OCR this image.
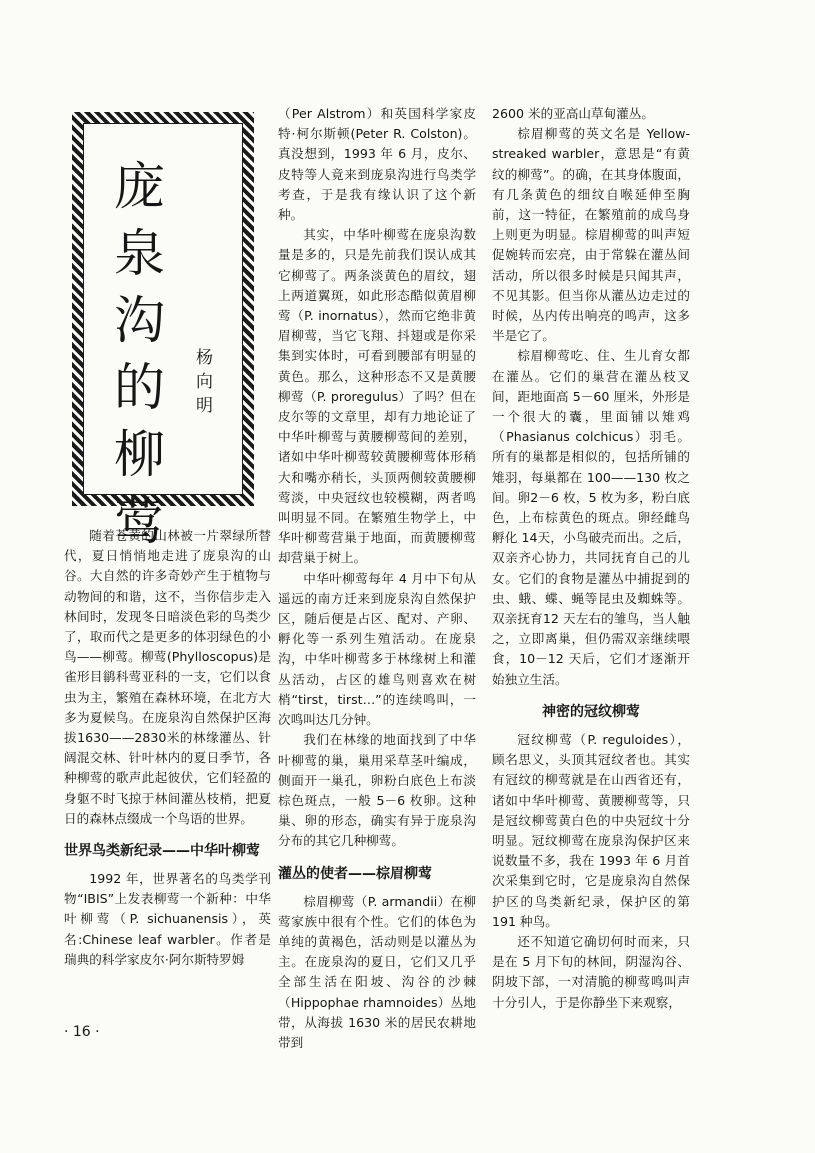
庞泉沟的柳莺
杨向明

随着苍黄的山林被一片翠绿所替代，夏日悄悄地走进了庞泉沟的山谷。大自然的许多奇妙产生于植物与动物间的和谐，这不，当你信步走入林间时，发现冬日暗淡色彩的鸟类少了，取而代之是更多的体羽绿色的小鸟——柳莺。柳莺(Phylloscopus)是雀形目鹟科莺亚科的一支，它们以食虫为主，繁殖在森林环境，在北方大多为夏候鸟。在庞泉沟自然保护区海拔1630——2830米的林缘灌丛、针阔混交林、针叶林内的夏日季节，各种柳莺的歌声此起彼伏，它们轻盈的身躯不时飞掠于林间灌丛枝梢，把夏日的森林点缀成一个鸟语的世界。

世界鸟类新纪录——中华叶柳莺

1992 年，世界著名的鸟类学刊物“IBIS”上发表柳莺一个新种：中华叶柳莺（P. sichuanensis），英名:Chinese leaf warbler。作者是瑞典的科学家皮尔·阿尔斯特罗姆

（Per Alstrom）和英国科学家皮特·柯尔斯顿(Peter R. Colston)。真没想到，1993 年 6 月，皮尔、皮特等人竟来到庞泉沟进行鸟类学考查，于是我有缘认识了这个新种。

其实，中华叶柳莺在庞泉沟数量是多的，只是先前我们误认成其它柳莺了。两条淡黄色的眉纹，翅上两道翼斑，如此形态酷似黄眉柳莺（P. inornatus），然而它绝非黄眉柳莺，当它飞翔、抖翅或是你采集到实体时，可看到腰部有明显的黄色。那么，这种形态不又是黄腰柳莺（P. proregulus）了吗？但在皮尔等的文章里，却有力地论证了中华叶柳莺与黄腰柳莺间的差别，诸如中华叶柳莺较黄腰柳莺体形稍大和嘴亦稍长，头顶两侧较黄腰柳莺淡，中央冠纹也较模糊，两者鸣叫明显不同。在繁殖生物学上，中华叶柳莺营巢于地面，而黄腰柳莺却营巢于树上。

中华叶柳莺每年 4 月中下旬从遥远的南方迁来到庞泉沟自然保护区，随后便是占区、配对、产卵、孵化等一系列生殖活动。在庞泉沟，中华叶柳莺多于林缘树上和灌丛活动，占区的雄鸟则喜欢在树梢“tirst，tirst…”的连续鸣叫，一次鸣叫达几分钟。

我们在林缘的地面找到了中华叶柳莺的巢，巢用采草茎叶编成，侧面开一巢孔，卵粉白底色上布淡棕色斑点，一般 5－6 枚卵。这种巢、卵的形态，确实有异于庞泉沟分布的其它几种柳莺。

灌丛的使者——棕眉柳莺

棕眉柳莺（P. armandii）在柳莺家族中很有个性。它们的体色为单纯的黄褐色，活动则是以灌丛为主。在庞泉沟的夏日，它们又几乎全部生活在阳坡、沟谷的沙棘（Hippophae rhamnoides）丛地带，从海拔 1630 米的居民农耕地带到

2600 米的亚高山草甸灌丛。

棕眉柳莺的英文名是 Yellow-streaked warbler，意思是“有黄纹的柳莺”。的确，在其身体腹面，有几条黄色的细纹自喉延伸至胸前，这一特征，在繁殖前的成鸟身上则更为明显。棕眉柳莺的叫声短促婉转而宏亮，由于常躲在灌丛间活动，所以很多时候是只闻其声，不见其影。但当你从灌丛边走过的时候，丛内传出响亮的鸣声，这多半是它了。

棕眉柳莺吃、住、生儿育女都在灌丛。它们的巢营在灌丛枝叉间，距地面高 5－60 厘米，外形是一个很大的囊，里面铺以雉鸡（Phasianus colchicus）羽毛。所有的巢都是相似的，包括所铺的雉羽，每巢都在 100——130 枚之间。卵2－6 枚，5 枚为多，粉白底色，上布棕黄色的斑点。卵经雌鸟孵化 14天，小鸟破壳而出。之后，双亲齐心协力，共同抚育自己的儿女。它们的食物是灌丛中捕捉到的虫、蛾、蝶、蝇等昆虫及蜘蛛等。双亲抚育12 天左右的雏鸟，当人触之，立即离巢，但仍需双亲继续喂食，10－12 天后，它们才逐渐开始独立生活。

神密的冠纹柳莺

冠纹柳莺（P. reguloides），顾名思义，头顶其冠纹者也。其实有冠纹的柳莺就是在山西省还有，诸如中华叶柳莺、黄腰柳莺等，只是冠纹柳莺黄白色的中央冠纹十分明显。冠纹柳莺在庞泉沟保护区来说数量不多，我在 1993 年 6 月首次采集到它时，它是庞泉沟自然保护区的鸟类新纪录，保护区的第191 种鸟。

还不知道它确切何时而来，只是在 5 月下旬的林间，阴湿沟谷、阴坡下部，一对清脆的柳莺鸣叫声十分引人，于是你静坐下来观察，

· 16 ·
